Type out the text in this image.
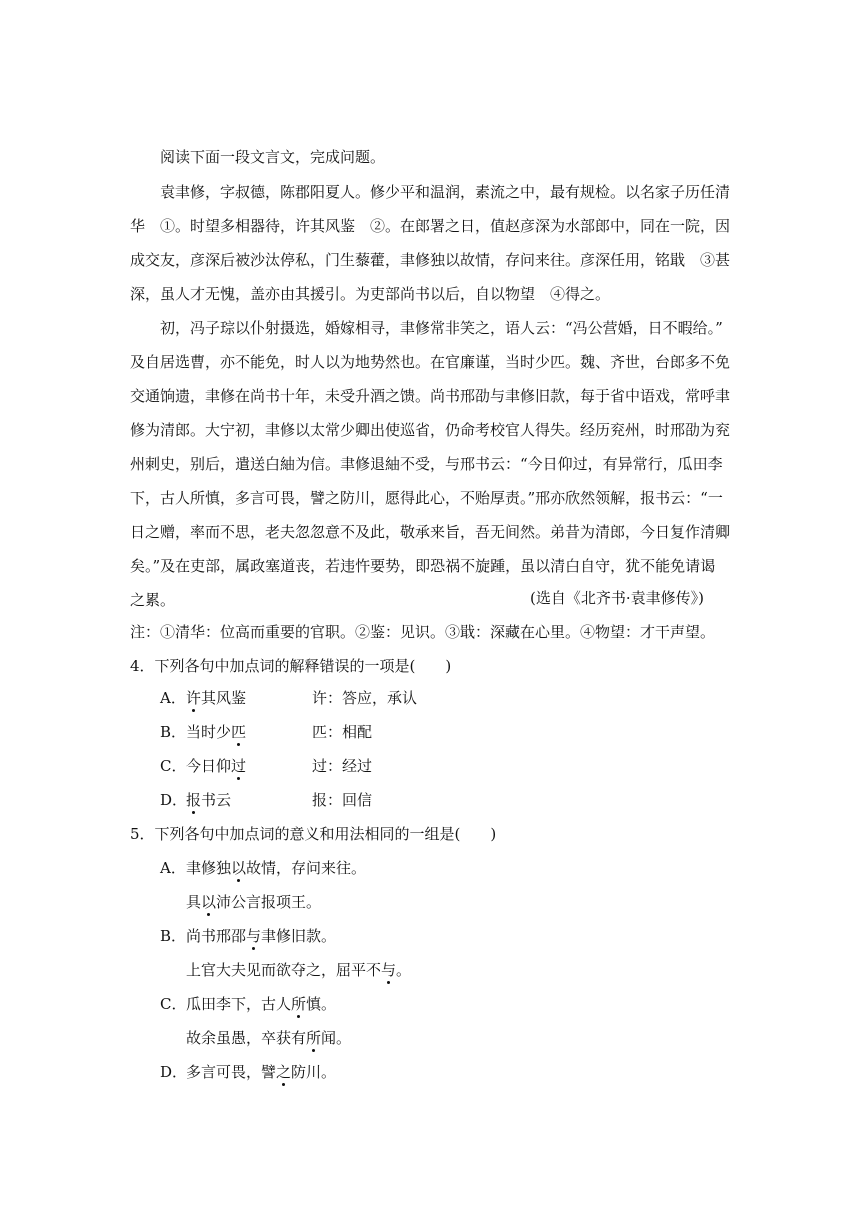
阅读下面一段文言文，完成问题。
袁聿修，字叔德，陈郡阳夏人。修少平和温润，素流之中，最有规检。以名家子历任清
华　①。时望多相器待，许其风鉴　②。在郎署之日，值赵彦深为水部郎中，同在一院，因
成交友，彦深后被沙汰停私，门生藜藿，聿修独以故情，存问来往。彦深任用，铭戢　③甚
深，虽人才无愧，盖亦由其援引。为吏部尚书以后，自以物望　④得之。
初，冯子琮以仆射摄选，婚嫁相寻，聿修常非笑之，语人云：“冯公营婚，日不暇给。”
及自居选曹，亦不能免，时人以为地势然也。在官廉谨，当时少匹。魏、齐世，台郎多不免
交通饷遗，聿修在尚书十年，未受升酒之馈。尚书邢劭与聿修旧款，每于省中语戏，常呼聿
修为清郎。大宁初，聿修以太常少卿出使巡省，仍命考校官人得失。经历兖州，时邢劭为兖
州刺史，别后，遣送白紬为信。聿修退紬不受，与邢书云：“今日仰过，有异常行，瓜田李
下，古人所慎，多言可畏，譬之防川，愿得此心，不贻厚责。”邢亦欣然领解，报书云：“一
日之赠，率而不思，老夫忽忽意不及此，敬承来旨，吾无间然。弟昔为清郎，今日复作清卿
矣。”及在吏部，属政塞道丧，若违忤要势，即恐祸不旋踵，虽以清白自守，犹不能免请谒
之累。	(选自《北齐书·袁聿修传》)
注：①清华：位高而重要的官职。②鉴：见识。③戢：深藏在心里。④物望：才干声望。
4．下列各句中加点词的解释错误的一项是(　　)
A．许其风鉴	许：答应，承认
B．当时少匹	匹：相配
C．今日仰过	过：经过
D．报书云	报：回信
5．下列各句中加点词的意义和用法相同的一组是(　　)
A．聿修独以故情，存问来往。
具以沛公言报项王。
B．尚书邢邵与聿修旧款。
上官大夫见而欲夺之，屈平不与。
C．瓜田李下，古人所慎。
故余虽愚，卒获有所闻。
D．多言可畏，譬之防川。
